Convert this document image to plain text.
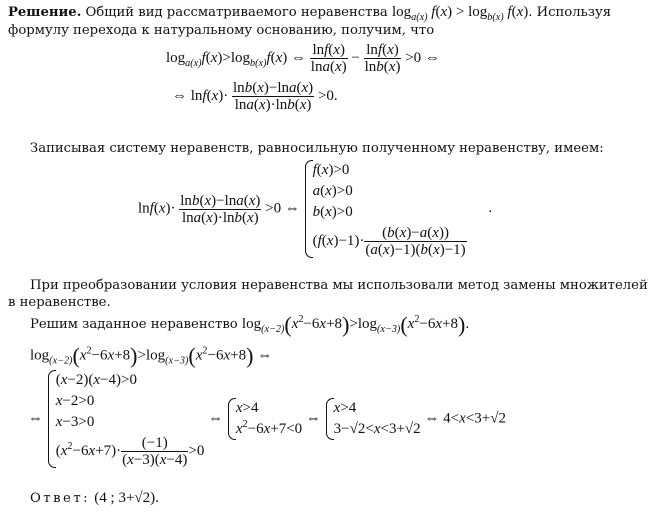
Решение. Общий вид рассматриваемого неравенства $\log_{a(x)} f(x) > \log_{b(x)} f(x)$. Используя
формулу перехода к натуральному основанию, получим, что
$\log_{a(x)}f(x)>\log_{b(x)}f(x)$ ⇔ $\frac{\ln f(x)}{\ln a(x)} - \frac{\ln f(x)}{\ln b(x)} >0$ ⇔
⇔ $\ln f(x)\cdot \frac{\ln b(x)-\ln a(x)}{\ln a(x)\cdot\ln b(x)} >0$.
Записывая систему неравенств, равносильную полученному неравенству, имеем:
$\ln f(x)\cdot \frac{\ln b(x)-\ln a(x)}{\ln a(x)\cdot\ln b(x)} >0$ ⇔
f(x)>0
a(x)>0
b(x)>0
$(f(x)-1)\cdot \frac{(b(x)-a(x))}{(a(x)-1)(b(x)-1)}$
.
При преобразовании условия неравенства мы использовали метод замены множителей
в неравенстве.
Решим заданное неравенство $\log_{(x-2)}(x^2-6x+8)>\log_{(x-3)}(x^2-6x+8)$.
$\log_{(x-2)}(x^2-6x+8)>\log_{(x-3)}(x^2-6x+8)$ ⇔
⇔
(x−2)(x−4)>0
x−2>0
x−3>0
$(x^2-6x+7)\cdot \frac{(-1)}{(x-3)(x-4)} >0$
⇔
x>4
$x^2-6x+7<0$
⇔
x>4
3−√2<x<3+√2
⇔ 4<x<3+√2
Ответ: (4 ; 3+√2).
